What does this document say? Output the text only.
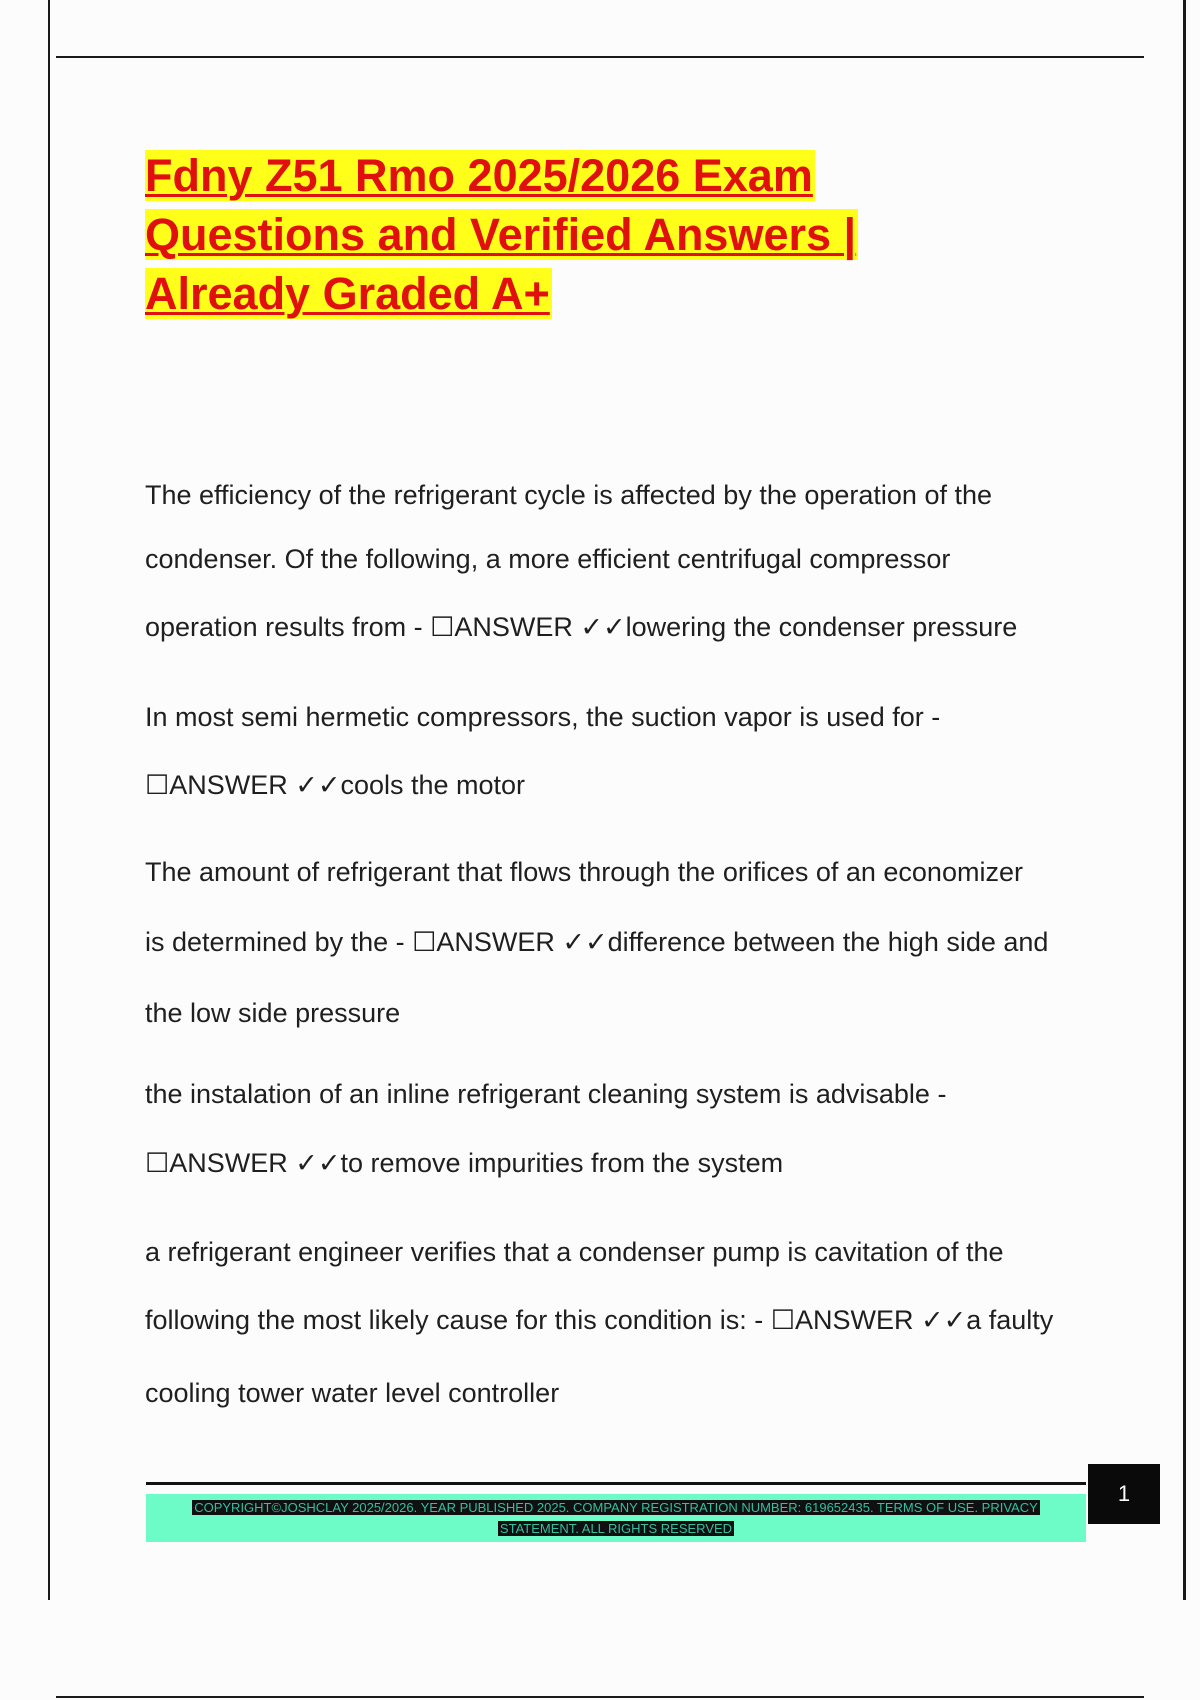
Fdny Z51 Rmo 2025/2026 Exam
Questions and Verified Answers |
Already Graded A+
The efficiency of the refrigerant cycle is affected by the operation of the
condenser. Of the following, a more efficient centrifugal compressor
operation results from - ☐ANSWER ✓✓lowering the condenser pressure
In most semi hermetic compressors, the suction vapor is used for -
☐ANSWER ✓✓cools the motor
The amount of refrigerant that flows through the orifices of an economizer
is determined by the - ☐ANSWER ✓✓difference between the high side and
the low side pressure
the instalation of an inline refrigerant cleaning system is advisable -
☐ANSWER ✓✓to remove impurities from the system
a refrigerant engineer verifies that a condenser pump is cavitation of the
following the most likely cause for this condition is: - ☐ANSWER ✓✓a faulty
cooling tower water level controller
COPYRIGHT©JOSHCLAY 2025/2026. YEAR PUBLISHED 2025. COMPANY REGISTRATION NUMBER: 619652435. TERMS OF USE. PRIVACY STATEMENT. ALL RIGHTS RESERVED
1
